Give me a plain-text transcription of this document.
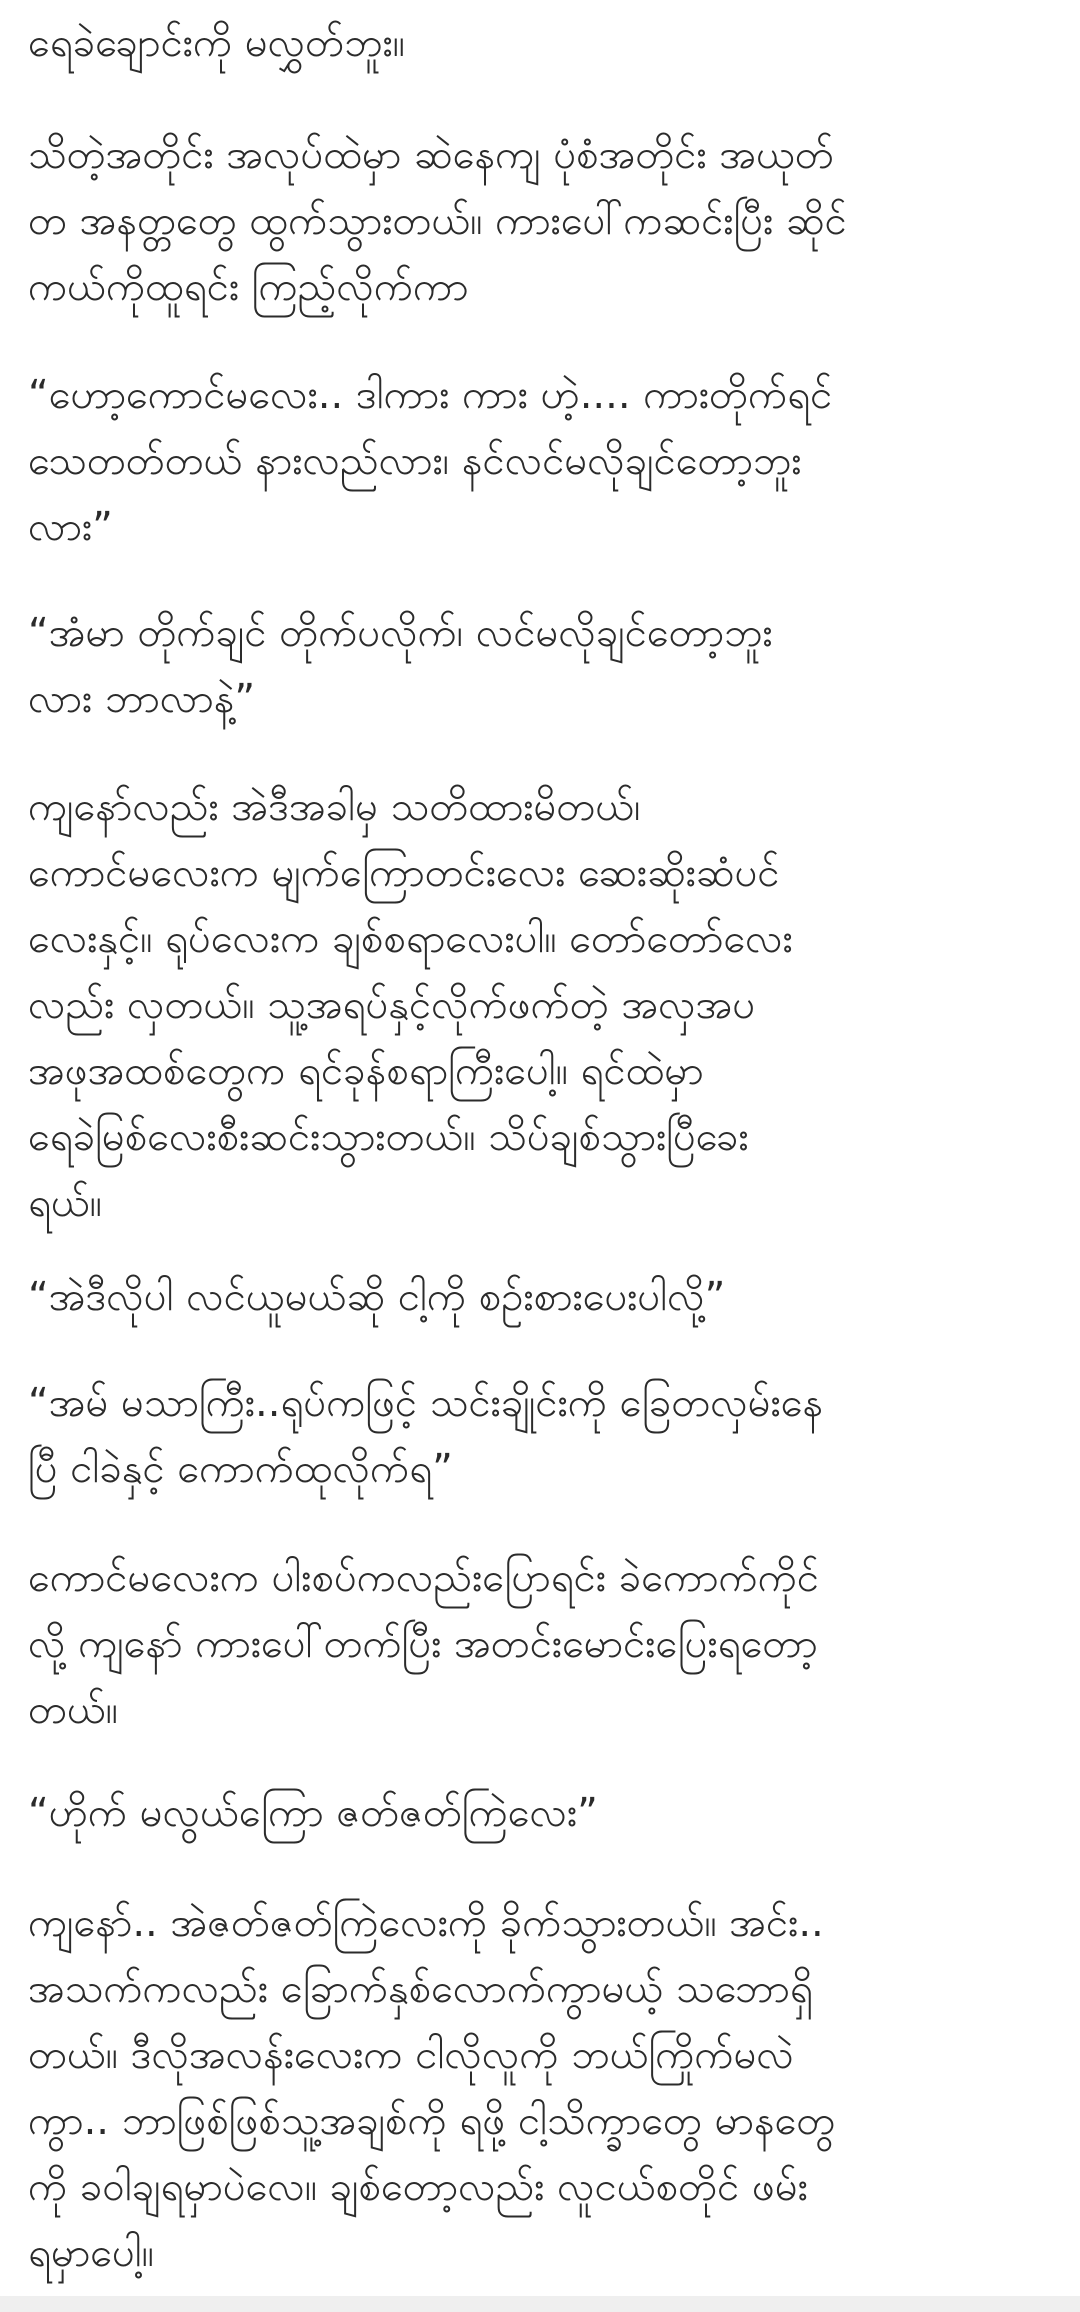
ရေခဲချောင်းကို မလွှတ်ဘူး။

သိတဲ့အတိုင်း အလုပ်ထဲမှာ ဆဲနေကျ ပုံစံအတိုင်း အယုတ်
တ အနတ္တတွေ ထွက်သွားတယ်။ ကားပေါ်ကဆင်းပြီး ဆိုင်
ကယ်ကိုထူရင်း ကြည့်လိုက်ကာ

“ဟော့ကောင်မလေး.. ဒါကား ကား ဟဲ့.... ကားတိုက်ရင်
သေတတ်တယ် နားလည်လား၊ နင်လင်မလိုချင်တော့ဘူး
လား”

“အံမာ တိုက်ချင် တိုက်ပလိုက်၊ လင်မလိုချင်တော့ဘူး
လား ဘာလာနဲ့”

ကျနော်လည်း အဲဒီအခါမှ သတိထားမိတယ်၊
ကောင်မလေးက မျက်ကြောတင်းလေး ဆေးဆိုးဆံပင်
လေးနှင့်။ ရုပ်လေးက ချစ်စရာလေးပါ။ တော်တော်လေး
လည်း လှတယ်။ သူ့အရပ်နှင့်လိုက်ဖက်တဲ့ အလှအပ
အဖုအထစ်တွေက ရင်ခုန်စရာကြီးပေါ့။ ရင်ထဲမှာ
ရေခဲမြစ်လေးစီးဆင်းသွားတယ်။ သိပ်ချစ်သွားပြီခေး
ရယ်။

“အဲဒီလိုပါ လင်ယူမယ်ဆို ငါ့ကို စဉ်းစားပေးပါလို့”

“အမ် မသာကြီး..ရုပ်ကဖြင့် သင်းချိုင်းကို ခြေတလှမ်းနေ
ပြီ ငါခဲနှင့် ကောက်ထုလိုက်ရ”

ကောင်မလေးက ပါးစပ်ကလည်းပြောရင်း ခဲကောက်ကိုင်
လို့ ကျနော် ကားပေါ်တက်ပြီး အတင်းမောင်းပြေးရတော့
တယ်။

“ဟိုက် မလွယ်ကြော ဇတ်ဇတ်ကြဲလေး”

ကျနော်.. အဲဇတ်ဇတ်ကြဲလေးကို ခိုက်သွားတယ်။ အင်း..
အသက်ကလည်း ခြောက်နှစ်လောက်ကွာမယ့် သဘောရှိ
တယ်။ ဒီလိုအလန်းလေးက ငါလိုလူကို ဘယ်ကြိုက်မလဲ
ကွာ.. ဘာဖြစ်ဖြစ်သူ့အချစ်ကို ရဖို့ ငါ့သိက္ခာတွေ မာနတွေ
ကို ခဝါချရမှာပဲလေ။ ချစ်တော့လည်း လူငယ်စတိုင် ဖမ်း
ရမှာပေါ့။
